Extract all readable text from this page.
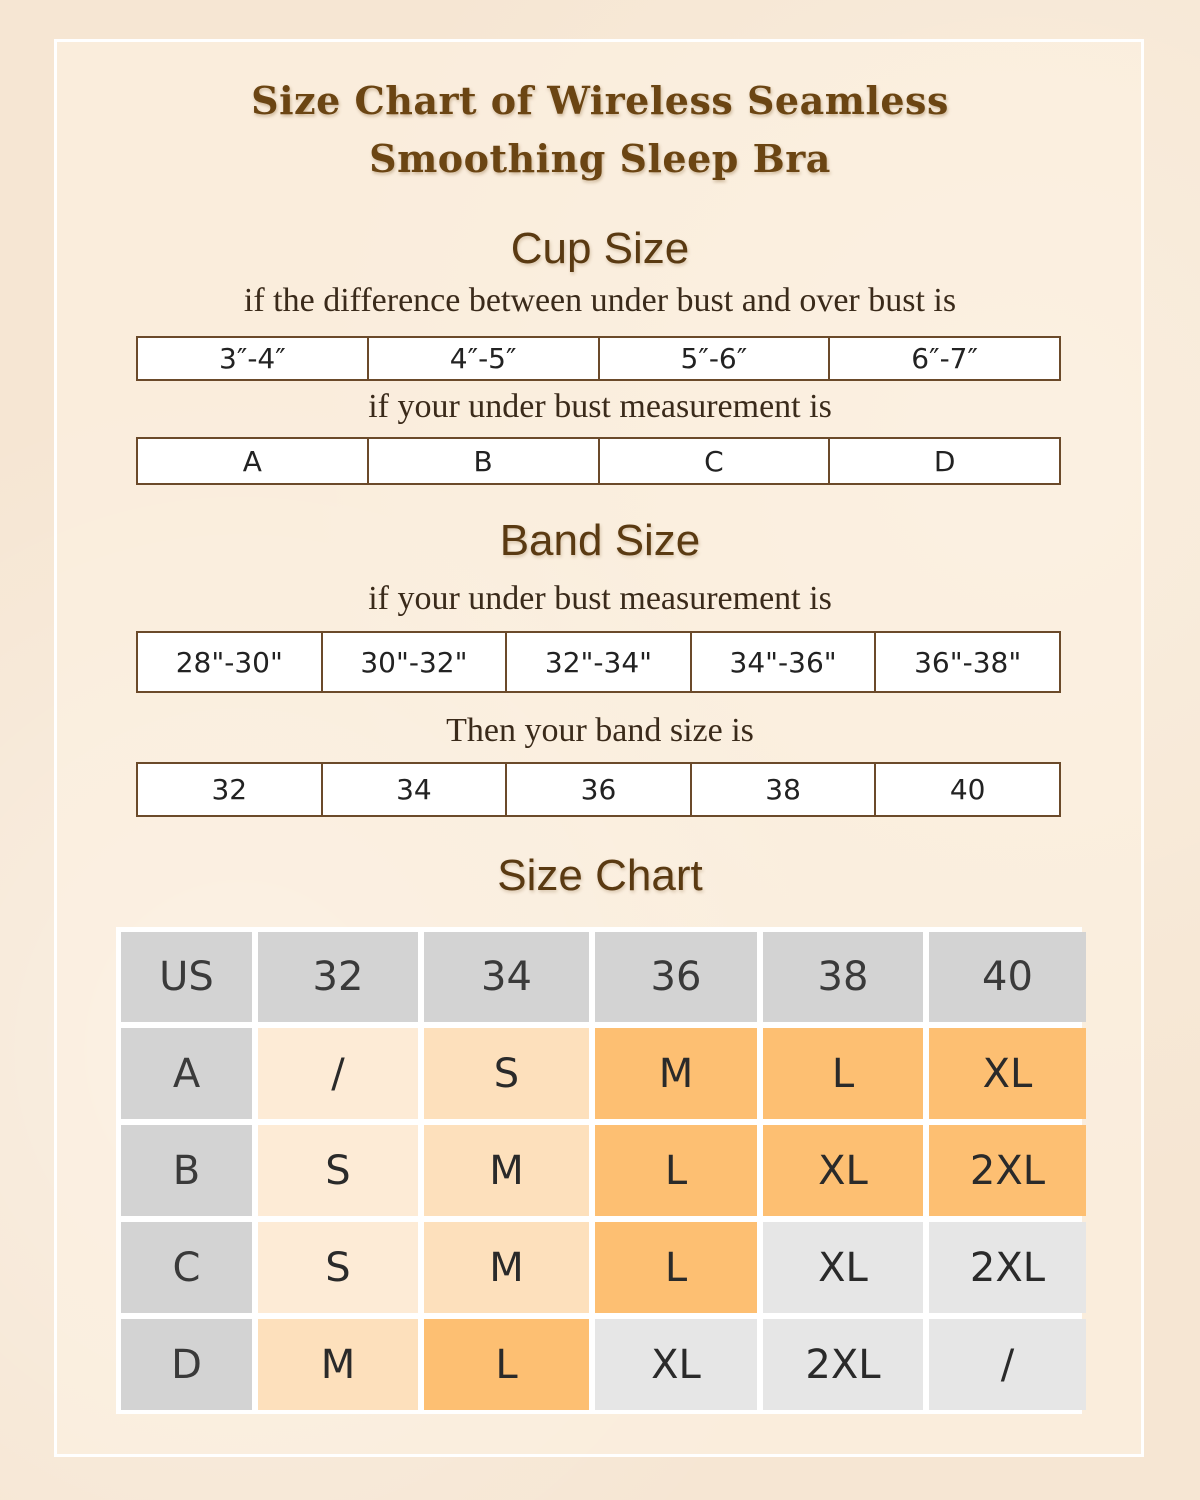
Size Chart of Wireless Seamless
Smoothing Sleep Bra
Cup Size
if the difference between under bust and over bust is
3″-4″	4″-5″	5″-6″	6″-7″
if your under bust measurement is
A	B	C	D
Band Size
if your under bust measurement is
28"-30"	30"-32"	32"-34"	34"-36"	36"-38"
Then your band size is
32	34	36	38	40
Size Chart
US	32	34	36	38	40
A	/	S	M	L	XL
B	S	M	L	XL	2XL
C	S	M	L	XL	2XL
D	M	L	XL	2XL	/
